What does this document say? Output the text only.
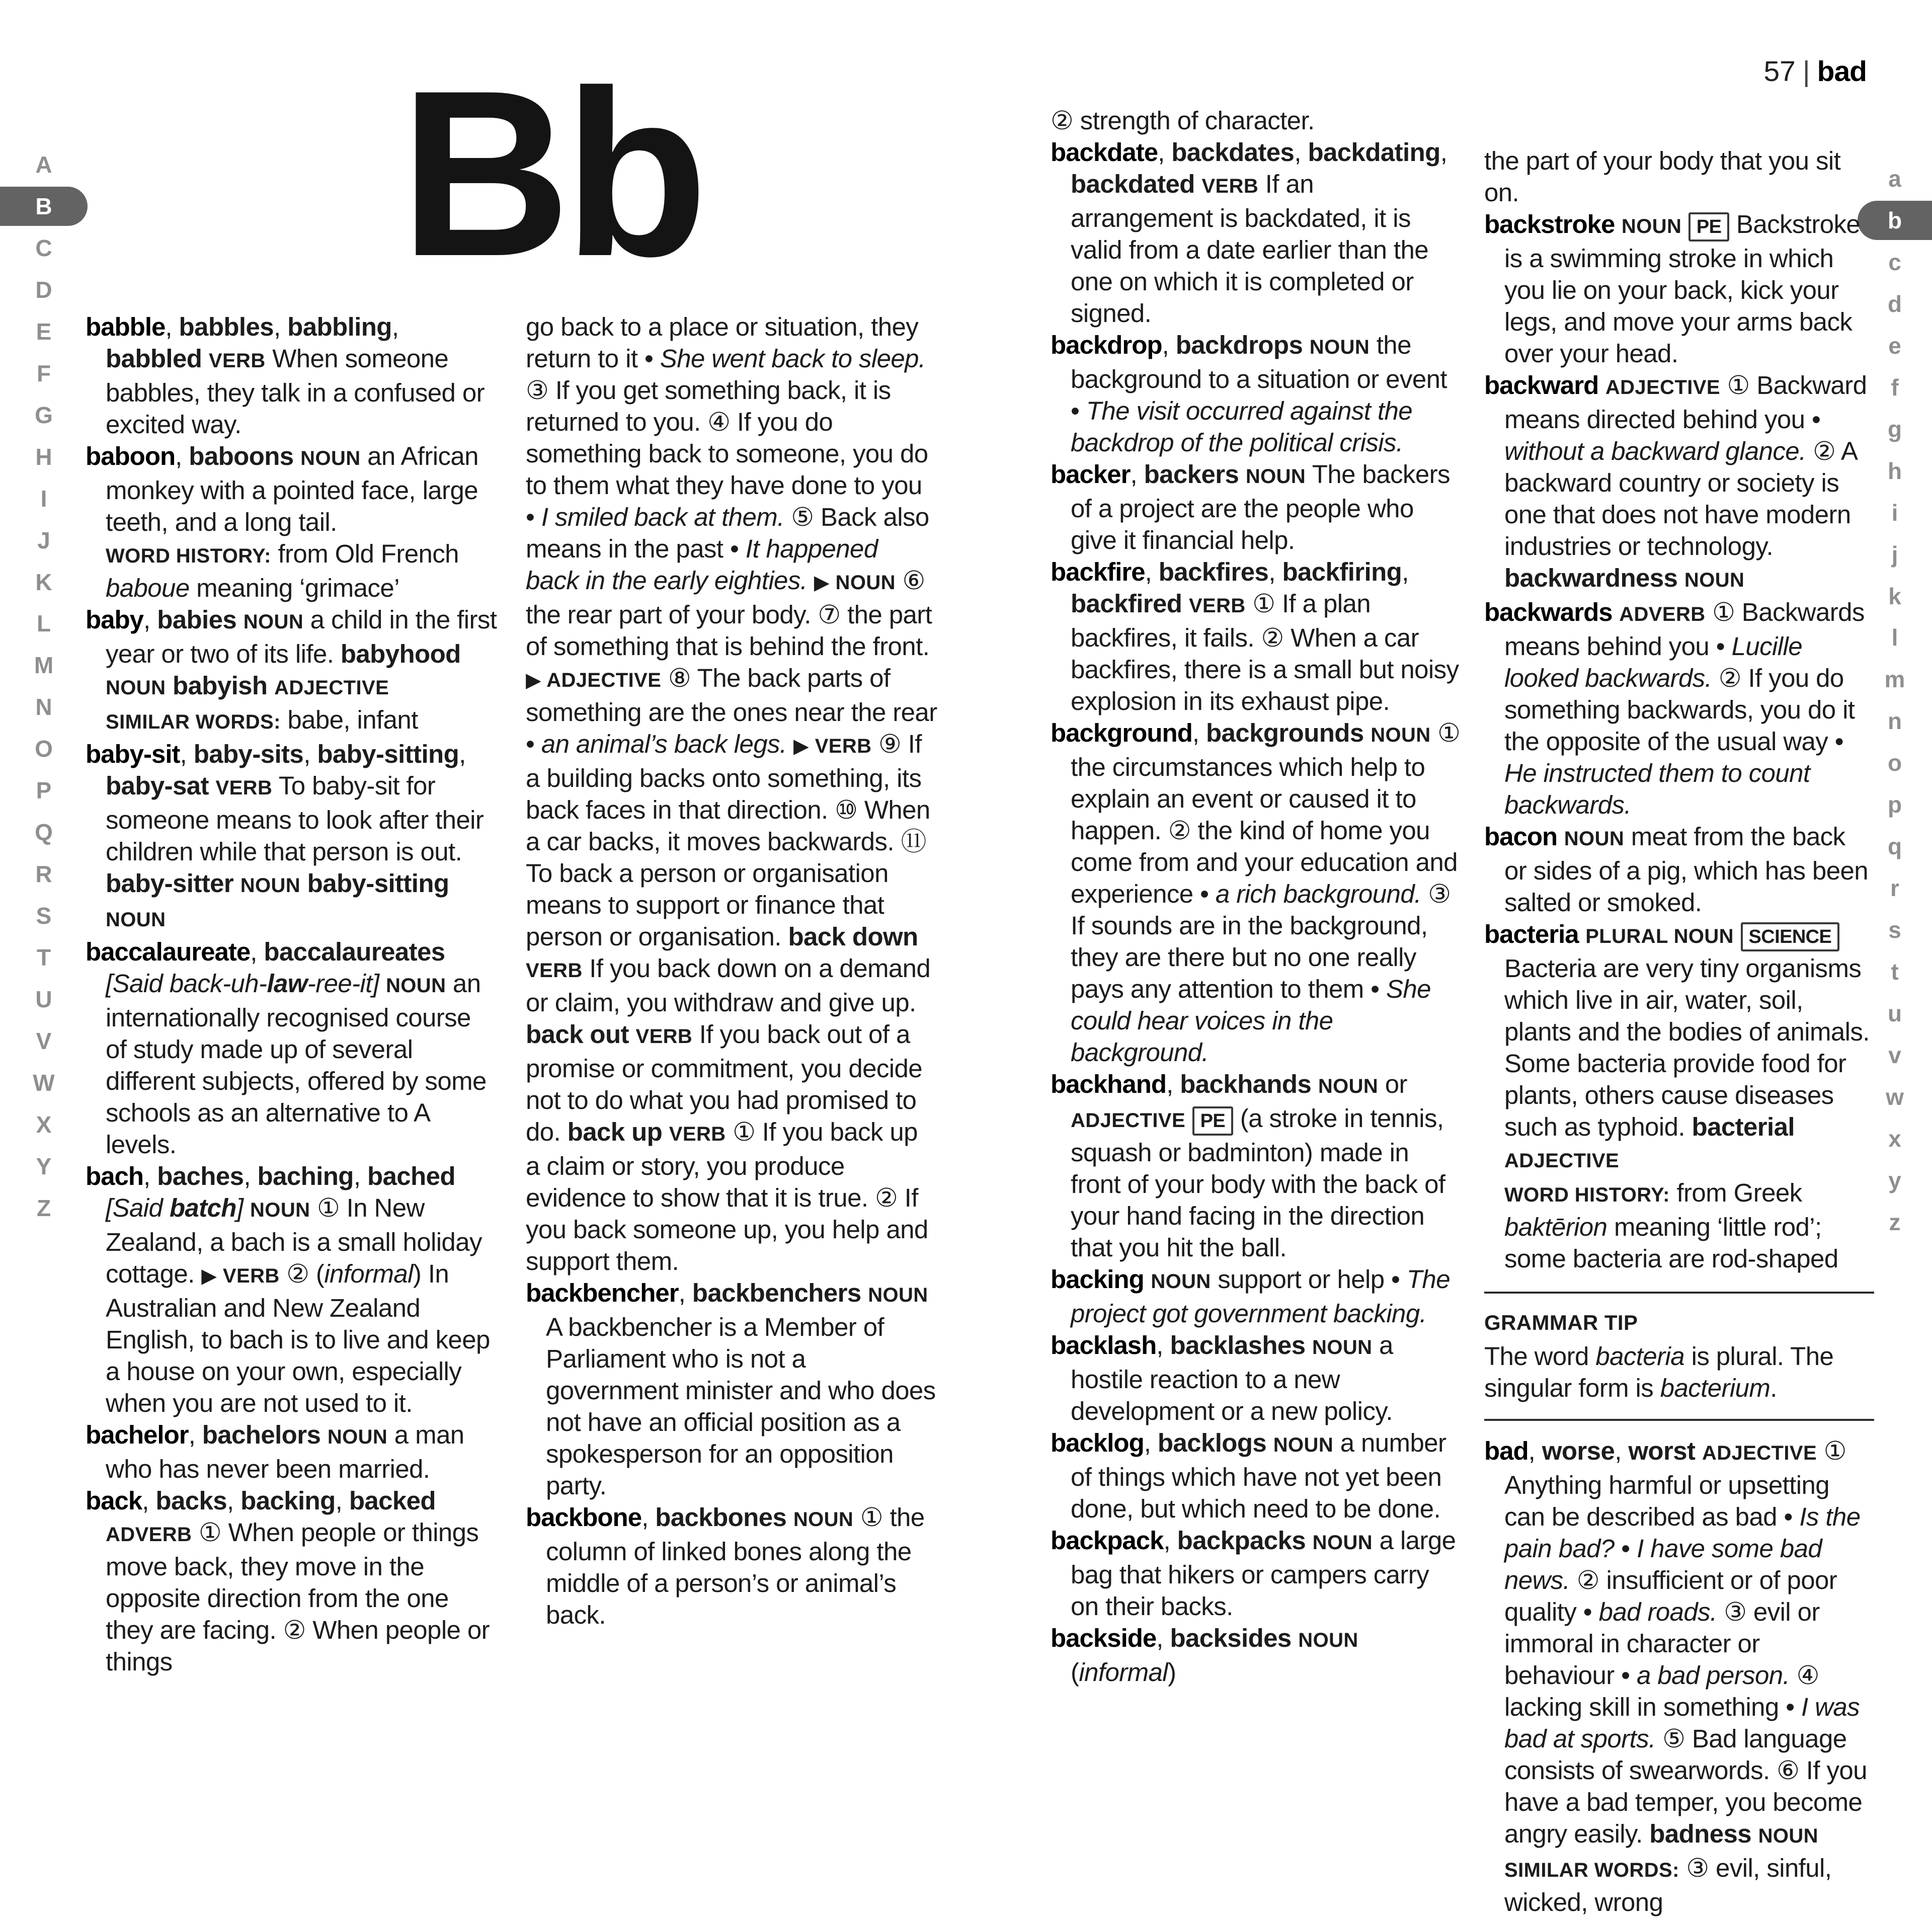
A
B
C
D
E
F
G
H
I
J
K
L
M
N
O
P
Q
R
S
T
U
V
W
X
Y
Z
a
b
c
d
e
f
g
h
i
j
k
l
m
n
o
p
q
r
s
t
u
v
w
x
y
z
Bb	57 | bad
babble, babbles, babbling, babbled VERB When someone babbles, they talk in a confused or excited way.
baboon, baboons NOUN an African monkey with a pointed face, large teeth, and a long tail.
WORD HISTORY: from Old French baboue meaning ‘grimace’
baby, babies NOUN a child in the first year or two of its life. babyhood NOUN babyish ADJECTIVE
SIMILAR WORDS: babe, infant
baby-sit, baby-sits, baby-sitting, baby-sat VERB To baby-sit for someone means to look after their children while that person is out. baby-sitter NOUN baby-sitting NOUN
baccalaureate, baccalaureates [Said back-uh-law-ree-it] NOUN an internationally recognised course of study made up of several different subjects, offered by some schools as an alternative to A levels.
bach, baches, baching, bached [Said batch] NOUN ① In New Zealand, a bach is a small holiday cottage. ▶ VERB ② (informal) In Australian and New Zealand English, to bach is to live and keep a house on your own, especially when you are not used to it.
bachelor, bachelors NOUN a man who has never been married.
back, backs, backing, backed ADVERB ① When people or things move back, they move in the opposite direction from the one they are facing. ② When people or things
go back to a place or situation, they return to it • She went back to sleep. ③ If you get something back, it is returned to you. ④ If you do something back to someone, you do to them what they have done to you • I smiled back at them. ⑤ Back also means in the past • It happened back in the early eighties. ▶ NOUN ⑥ the rear part of your body. ⑦ the part of something that is behind the front. ▶ ADJECTIVE ⑧ The back parts of something are the ones near the rear • an animal’s back legs. ▶ VERB ⑨ If a building backs onto something, its back faces in that direction. ⑩ When a car backs, it moves backwards. ⑪ To back a person or organisation means to support or finance that person or organisation. back down VERB If you back down on a demand or claim, you withdraw and give up. back out VERB If you back out of a promise or commitment, you decide not to do what you had promised to do. back up VERB ① If you back up a claim or story, you produce evidence to show that it is true. ② If you back someone up, you help and support them.
backbencher, backbenchers NOUN A backbencher is a Member of Parliament who is not a government minister and who does not have an official position as a spokesperson for an opposition party.
backbone, backbones NOUN ① the column of linked bones along the middle of a person’s or animal’s back.
② strength of character.
backdate, backdates, backdating, backdated VERB If an arrangement is backdated, it is valid from a date earlier than the one on which it is completed or signed.
backdrop, backdrops NOUN the background to a situation or event • The visit occurred against the backdrop of the political crisis.
backer, backers NOUN The backers of a project are the people who give it financial help.
backfire, backfires, backfiring, backfired VERB ① If a plan backfires, it fails. ② When a car backfires, there is a small but noisy explosion in its exhaust pipe.
background, backgrounds NOUN ① the circumstances which help to explain an event or caused it to happen. ② the kind of home you come from and your education and experience • a rich background. ③ If sounds are in the background, they are there but no one really pays any attention to them • She could hear voices in the background.
backhand, backhands NOUN or ADJECTIVE PE (a stroke in tennis, squash or badminton) made in front of your body with the back of your hand facing in the direction that you hit the ball.
backing NOUN support or help • The project got government backing.
backlash, backlashes NOUN a hostile reaction to a new development or a new policy.
backlog, backlogs NOUN a number of things which have not yet been done, but which need to be done.
backpack, backpacks NOUN a large bag that hikers or campers carry on their backs.
backside, backsides NOUN (informal)
the part of your body that you sit on.
backstroke NOUN PE Backstroke is a swimming stroke in which you lie on your back, kick your legs, and move your arms back over your head.
backward ADJECTIVE ① Backward means directed behind you • without a backward glance. ② A backward country or society is one that does not have modern industries or technology. backwardness NOUN
backwards ADVERB ① Backwards means behind you • Lucille looked backwards. ② If you do something backwards, you do it the opposite of the usual way • He instructed them to count backwards.
bacon NOUN meat from the back or sides of a pig, which has been salted or smoked.
bacteria PLURAL NOUN SCIENCE Bacteria are very tiny organisms which live in air, water, soil, plants and the bodies of animals. Some bacteria provide food for plants, others cause diseases such as typhoid. bacterial ADJECTIVE
WORD HISTORY: from Greek baktērion meaning ‘little rod’; some bacteria are rod-shaped
GRAMMAR TIP
The word bacteria is plural. The singular form is bacterium.
bad, worse, worst ADJECTIVE ① Anything harmful or upsetting can be described as bad • Is the pain bad? • I have some bad news. ② insufficient or of poor quality • bad roads. ③ evil or immoral in character or behaviour • a bad person. ④ lacking skill in something • I was bad at sports. ⑤ Bad language consists of swearwords. ⑥ If you have a bad temper, you become angry easily. badness NOUN
SIMILAR WORDS: ③ evil, sinful, wicked, wrong
